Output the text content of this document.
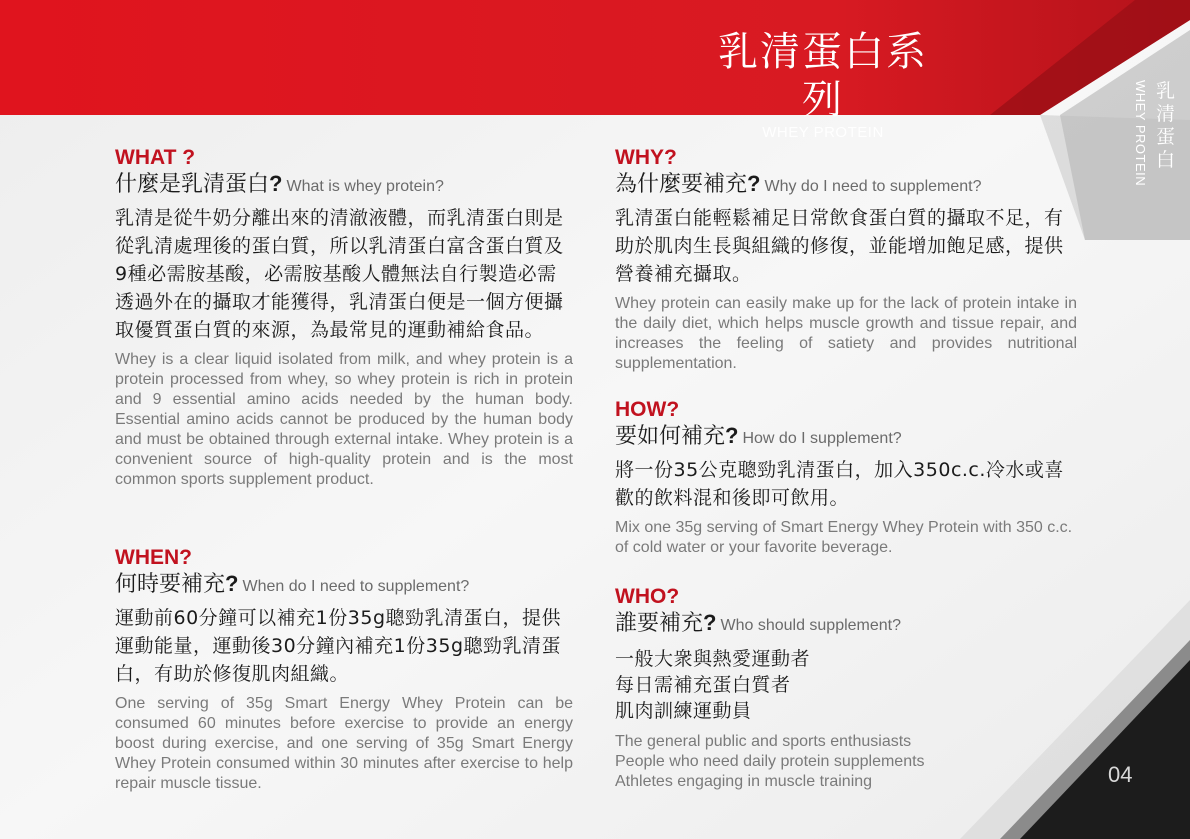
乳清蛋白系列
WHEY PROTEIN
乳清蛋白
WHEY PROTEIN
WHAT ?
什麼是乳清蛋白? What is whey protein?
乳清是從牛奶分離出來的清澈液體，而乳清蛋白則是從乳清處理後的蛋白質，所以乳清蛋白富含蛋白質及9種必需胺基酸，必需胺基酸人體無法自行製造必需透過外在的攝取才能獲得，乳清蛋白便是一個方便攝取優質蛋白質的來源，為最常見的運動補給食品。
Whey is a clear liquid isolated from milk, and whey protein is a protein processed from whey, so whey protein is rich in protein and 9 essential amino acids needed by the human body. Essential amino acids cannot be produced by the human body and must be obtained through external intake. Whey protein is a convenient source of high-quality protein and is the most common sports supplement product.
WHEN?
何時要補充? When do I need to supplement?
運動前60分鐘可以補充1份35g聰勁乳清蛋白，提供運動能量，運動後30分鐘內補充1份35g聰勁乳清蛋白，有助於修復肌肉組織。
One serving of 35g Smart Energy Whey Protein can be consumed 60 minutes before exercise to provide an energy boost during exercise, and one serving of 35g Smart Energy Whey Protein consumed within 30 minutes after exercise to help repair muscle tissue.
WHY?
為什麼要補充? Why do I need to supplement?
乳清蛋白能輕鬆補足日常飲食蛋白質的攝取不足，有助於肌肉生長與組織的修復，並能增加飽足感，提供營養補充攝取。
Whey protein can easily make up for the lack of protein intake in the daily diet, which helps muscle growth and tissue repair, and increases the feeling of satiety and provides nutritional supplementation.
HOW?
要如何補充? How do I supplement?
將一份35公克聰勁乳清蛋白，加入350c.c.冷水或喜歡的飲料混和後即可飲用。
Mix one 35g serving of Smart Energy Whey Protein with 350 c.c. of cold water or your favorite beverage.
WHO?
誰要補充? Who should supplement?
一般大衆與熱愛運動者
每日需補充蛋白質者
肌肉訓練運動員
The general public and sports enthusiasts
People who need daily protein supplements
Athletes engaging in muscle training	04
